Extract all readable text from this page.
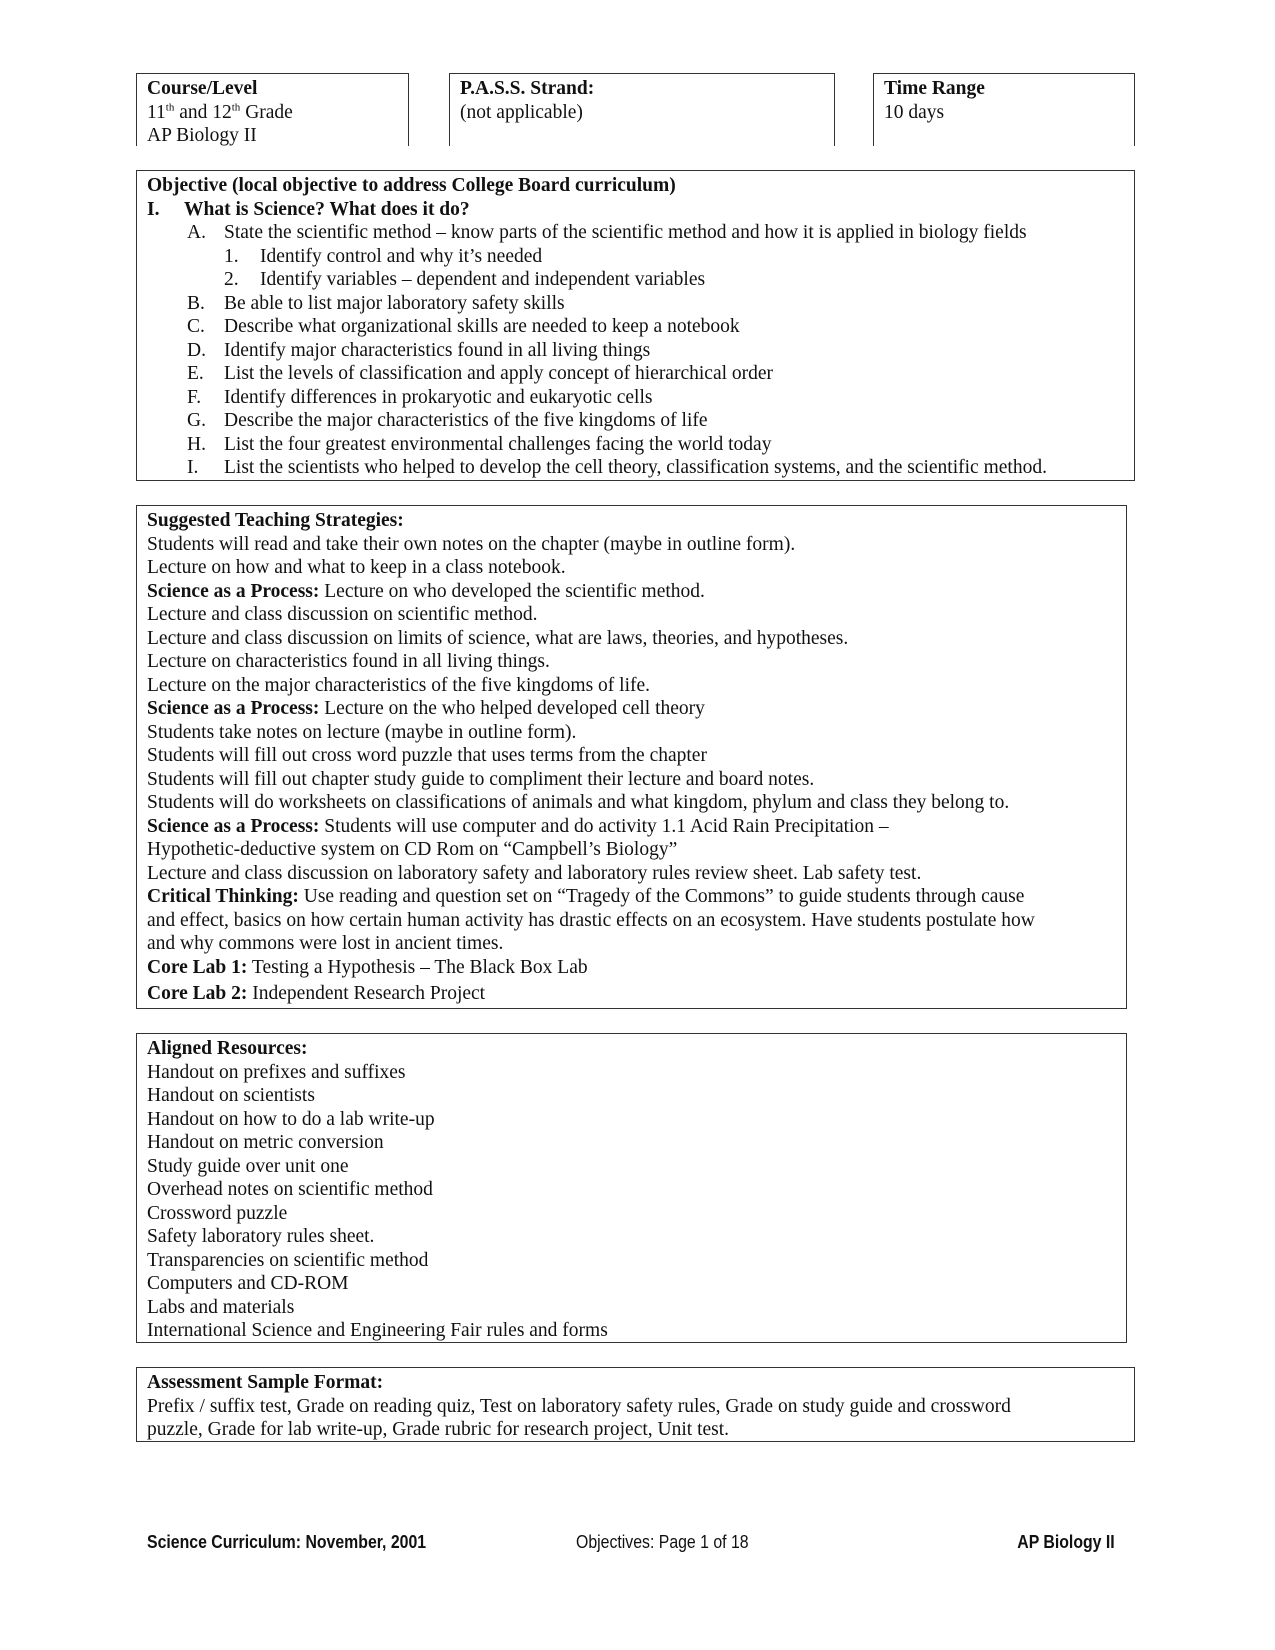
Course/Level
11th and 12th Grade
AP Biology II
P.A.S.S. Strand:
(not applicable)
Time Range
10 days
Objective (local objective to address College Board curriculum)
I. What is Science? What does it do?
A. State the scientific method – know parts of the scientific method and how it is applied in biology fields
1. Identify control and why it’s needed
2. Identify variables – dependent and independent variables
B. Be able to list major laboratory safety skills
C. Describe what organizational skills are needed to keep a notebook
D. Identify major characteristics found in all living things
E. List the levels of classification and apply concept of hierarchical order
F. Identify differences in prokaryotic and eukaryotic cells
G. Describe the major characteristics of the five kingdoms of life
H. List the four greatest environmental challenges facing the world today
I. List the scientists who helped to develop the cell theory, classification systems, and the scientific method.
Suggested Teaching Strategies:
Students will read and take their own notes on the chapter (maybe in outline form).
Lecture on how and what to keep in a class notebook.
Science as a Process: Lecture on who developed the scientific method.
Lecture and class discussion on scientific method.
Lecture and class discussion on limits of science, what are laws, theories, and hypotheses.
Lecture on characteristics found in all living things.
Lecture on the major characteristics of the five kingdoms of life.
Science as a Process: Lecture on the who helped developed cell theory
Students take notes on lecture (maybe in outline form).
Students will fill out cross word puzzle that uses terms from the chapter
Students will fill out chapter study guide to compliment their lecture and board notes.
Students will do worksheets on classifications of animals and what kingdom, phylum and class they belong to.
Science as a Process: Students will use computer and do activity 1.1 Acid Rain Precipitation –
Hypothetic-deductive system on CD Rom on “Campbell’s Biology”
Lecture and class discussion on laboratory safety and laboratory rules review sheet. Lab safety test.
Critical Thinking: Use reading and question set on “Tragedy of the Commons” to guide students through cause
and effect, basics on how certain human activity has drastic effects on an ecosystem. Have students postulate how
and why commons were lost in ancient times.
Core Lab 1: Testing a Hypothesis – The Black Box Lab
Core Lab 2: Independent Research Project
Aligned Resources:
Handout on prefixes and suffixes
Handout on scientists
Handout on how to do a lab write-up
Handout on metric conversion
Study guide over unit one
Overhead notes on scientific method
Crossword puzzle
Safety laboratory rules sheet.
Transparencies on scientific method
Computers and CD-ROM
Labs and materials
International Science and Engineering Fair rules and forms
Assessment Sample Format:
Prefix / suffix test, Grade on reading quiz, Test on laboratory safety rules, Grade on study guide and crossword
puzzle, Grade for lab write-up, Grade rubric for research project, Unit test.
Science Curriculum: November, 2001	Objectives: Page 1 of 18	AP Biology II
